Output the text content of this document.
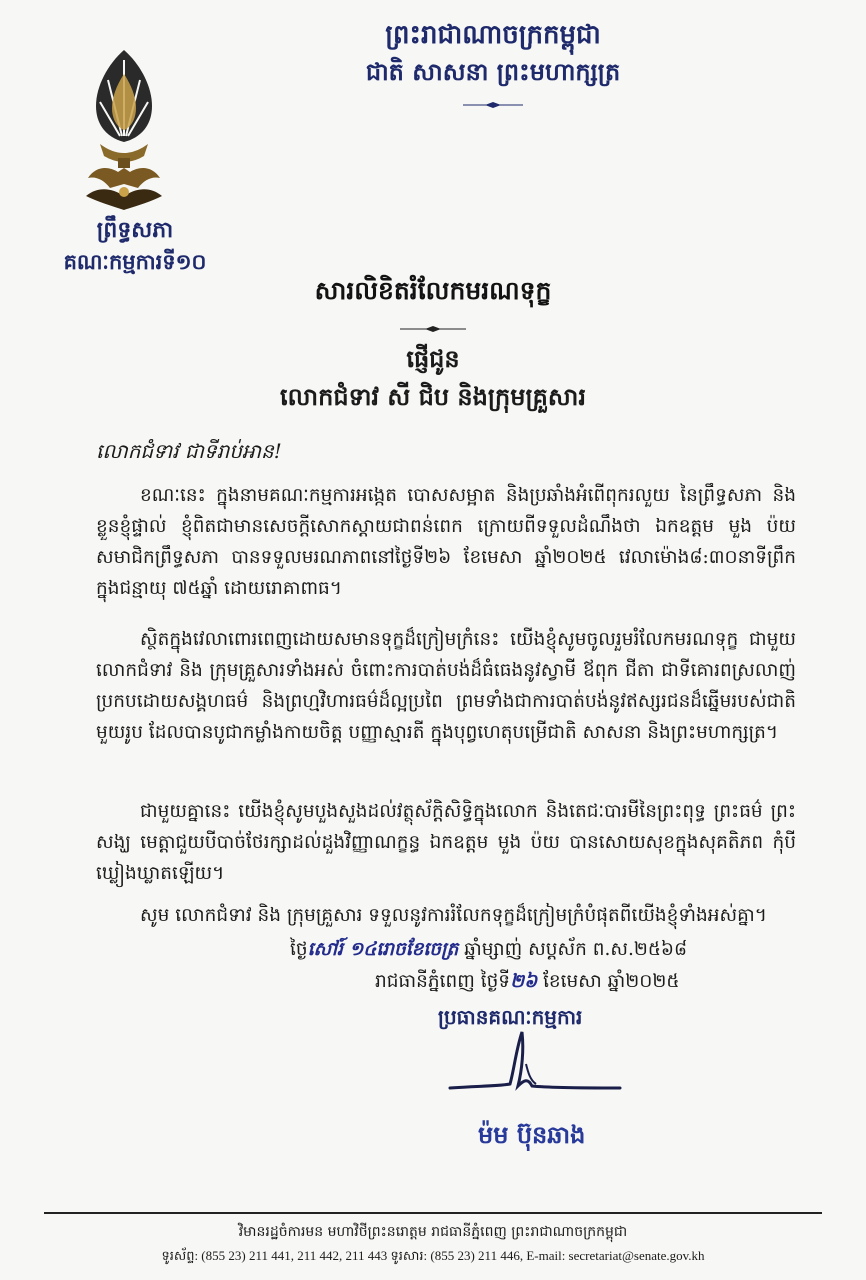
ព្រះរាជាណាចក្រកម្ពុជា
ជាតិ សាសនា ព្រះមហាក្សត្រ
ព្រឹទ្ធសភា
គណៈកម្មការទី១០
សារលិខិតរំលែកមរណទុក្ខ
ផ្ញើជូន
លោកជំទាវ សី ជិប និងក្រុមគ្រួសារ
លោកជំទាវ ជាទីរាប់អាន!
ខណៈនេះ ក្នុងនាមគណៈកម្មការអង្កេត បោសសម្អាត និងប្រឆាំងអំពើពុករលួយ នៃព្រឹទ្ធសភា និងខ្លួនខ្ញុំផ្ទាល់ ខ្ញុំពិតជាមានសេចក្ដីសោកស្ដាយជាពន់ពេក ក្រោយពីទទួលដំណឹងថា ឯកឧត្តម មួង ប៉យ សមាជិកព្រឹទ្ធសភា បានទទួលមរណភាពនៅថ្ងៃទី២៦ ខែមេសា ឆ្នាំ២០២៥ វេលាម៉ោង៨:៣០នាទីព្រឹក ក្នុងជន្មាយុ ៧៥ឆ្នាំ ដោយរោគាពាធ។
ស្ថិតក្នុងវេលាពោរពេញដោយសមានទុក្ខដ៏ក្រៀមក្រំនេះ យើងខ្ញុំសូមចូលរួមរំលែកមរណទុក្ខ ជាមួយ លោកជំទាវ និង ក្រុមគ្រួសារទាំងអស់ ចំពោះការបាត់បង់ដ៏ធំធេងនូវស្វាមី ឪពុក ជីតា ជាទីគោរពស្រលាញ់ ប្រកបដោយសង្គហធម៌ និងព្រហ្មវិហារធម៌ដ៏ល្អប្រពៃ ព្រមទាំងជាការបាត់បង់នូវឥស្សរជនដ៏ឆ្នើមរបស់ជាតិមួយរូប ដែលបានបូជាកម្លាំងកាយចិត្ត បញ្ញាស្មារតី ក្នុងបុព្វហេតុបម្រើជាតិ សាសនា និងព្រះមហាក្សត្រ។
ជាមួយគ្នានេះ យើងខ្ញុំសូមបួងសួងដល់វត្ថុស័ក្ដិសិទ្ធិក្នុងលោក និងតេជៈបារមីនៃព្រះពុទ្ធ ព្រះធម៌ ព្រះសង្ឃ មេត្តាជួយបីបាច់ថែរក្សាដល់ដួងវិញ្ញាណក្ខន្ធ ឯកឧត្តម មួង ប៉យ បានសោយសុខក្នុងសុគតិភព កុំបីឃ្លៀងឃ្លាតឡើយ។
សូម លោកជំទាវ និង ក្រុមគ្រួសារ ទទួលនូវការរំលែកទុក្ខដ៏ក្រៀមក្រំបំផុតពីយើងខ្ញុំទាំងអស់គ្នា។
ថ្ងៃសៅរ៍ ១៤រោចខែចេត្រ ឆ្នាំម្សាញ់ សប្តស័ក ព.ស.២៥៦៨
រាជធានីភ្នំពេញ ថ្ងៃទី២៦ ខែមេសា ឆ្នាំ២០២៥
ប្រធានគណៈកម្មការ
ម៉ម ប៊ុនឆាង
វិមានរដ្ឋចំការមន មហាវិថីព្រះនរោត្តម រាជធានីភ្នំពេញ ព្រះរាជាណាចក្រកម្ពុជា
ទូរស័ព្ទ: (855 23) 211 441, 211 442, 211 443 ទូរសារ: (855 23) 211 446, E-mail: secretariat@senate.gov.kh
